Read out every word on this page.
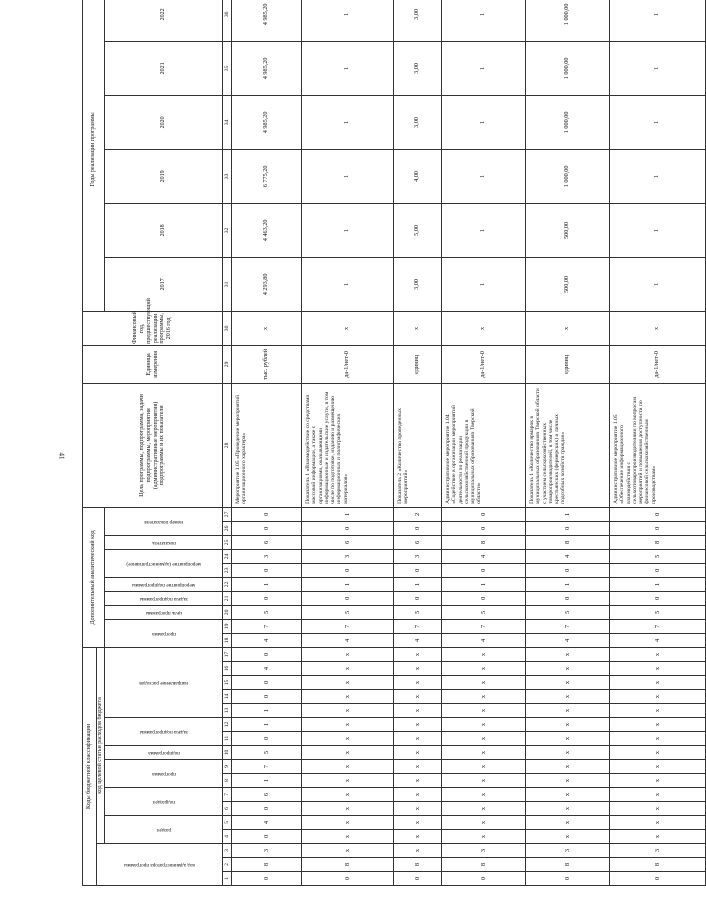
41
Коды бюджетной классификации																	Дополнительный аналитический код										Цель программы, подпрограмма, задачи подпрограммы, мероприятия (административные мероприятия) подпрограммы и их показатели	Единица измерения	Финансовый год, предшествующий реализации программы, 2016 год	Годы реализации программы	
код администратора программы			код целевой статьи расходов бюджета	
			раздел		подраздел		программа		подпрограмма	задача подпрограммы		направление расходов					программа		цель программы	задача подпрограммы	мероприятие подпрограммы	мероприятие (административное)		показатель	номер показателя					2017	2018	2019	2020	2021	2022	
1	2	3	4	5	6	7	8	9	10	11	12	13	14	15	16	17	18	19	20	21	22	23	24	25	26	27	28	29	30	31	32	33	34	35	36	
0	8	3	0	4	0	6	1	7	5	0	1	1	0	0	4	0	4	7	5	0	1	0	3	6	0	0	Мероприятие 1.05 «Проведение мероприятий организационного характера»	тыс. рублей	х	4 293,80	4 463,20	6 775,20	4 985,20	4 985,20	4 985,20	
0	8	х	х	х	х	х	х	х	х	х	х	х	х	х	х	х	4	7	5	0	1	0	3	6	0	1	Показатель 1 «Взаимодействие со средствами массовой информации, а также с организациями, оказывающими информационные и издательские услуги, в том числе по подготовке, изданию и размещению информационных и полиграфических материалов»	да-1/нет-0	х	1	1	1	1	1	1	
0	8	х	х	х	х	х	х	х	х	х	х	х	х	х	х	х	4	7	5	0	1	0	3	6	0	2	Показатель 2 «Количество проведенных мероприятий»	единиц	х	3,00	5,00	4,00	3,00	3,00	3,00	
0	8	3	х	х	х	х	х	х	х	х	х	х	х	х	х	х	4	7	5	0	1	0	4	8	0	0	Административное мероприятие 1.04 «Содействие в организации мероприятий деятельности по реализации сельскохозяйственной продукции в муниципальных образованиях Тверской области»	да-1/нет-0	х	1	1	1	1	1	1	
0	8	3	х	х	х	х	х	х	х	х	х	х	х	х	х	х	4	7	5	0	1	0	4	8	0	1	Показатель 1 «Количество ярмарок в муниципальных образованиях Тверской области с участием сельскохозяйственных товаропроизводителей, в том числе крестьянских (фермерских) и личных подсобных хозяйств граждан»	единиц	х	500,00	500,00	1 000,00	1 000,00	1 000,00	1 000,00	
0	8	3	х	х	х	х	х	х	х	х	х	х	х	х	х	х	4	7	5	0	1	0	5	8	0	0	Административное мероприятие 1.05 «Обеспечение информационного взаимодействия с сельхозтоваропроизводителями по вопросам мероприятий и повышения доступности по финансовой сельскохозяйственным производствам»	да-1/нет-0	х	1	1	1	1	1	1	
